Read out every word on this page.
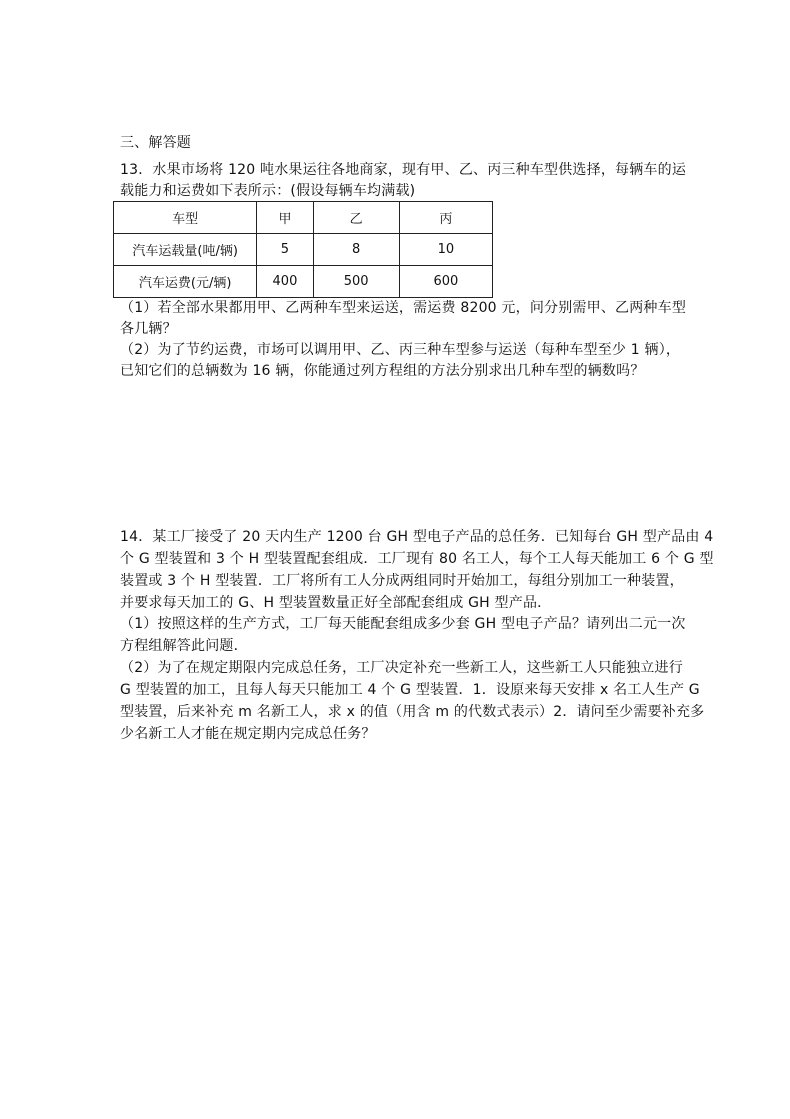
三、解答题
13．水果市场将 120 吨水果运往各地商家，现有甲、乙、丙三种车型供选择，每辆车的运
载能力和运费如下表所示：(假设每辆车均满载)
车型	甲	乙	丙
汽车运载量(吨/辆)	5	8	10
汽车运费(元/辆)	400	500	600
（1）若全部水果都用甲、乙两种车型来运送，需运费 8200 元，问分别需甲、乙两种车型
各几辆？
（2）为了节约运费，市场可以调用甲、乙、丙三种车型参与运送（每种车型至少 1 辆），
已知它们的总辆数为 16 辆，你能通过列方程组的方法分别求出几种车型的辆数吗？
14．某工厂接受了 20 天内生产 1200 台 GH 型电子产品的总任务．已知每台 GH 型产品由 4
个 G 型装置和 3 个 H 型装置配套组成．工厂现有 80 名工人，每个工人每天能加工 6 个 G 型
装置或 3 个 H 型装置．工厂将所有工人分成两组同时开始加工，每组分别加工一种装置，
并要求每天加工的 G、H 型装置数量正好全部配套组成 GH 型产品．
（1）按照这样的生产方式，工厂每天能配套组成多少套 GH 型电子产品？请列出二元一次
方程组解答此问题．
（2）为了在规定期限内完成总任务，工厂决定补充一些新工人，这些新工人只能独立进行
G 型装置的加工，且每人每天只能加工 4 个 G 型装置．1．设原来每天安排 x 名工人生产 G
型装置，后来补充 m 名新工人，求 x 的值（用含 m 的代数式表示）2．请问至少需要补充多
少名新工人才能在规定期内完成总任务？
